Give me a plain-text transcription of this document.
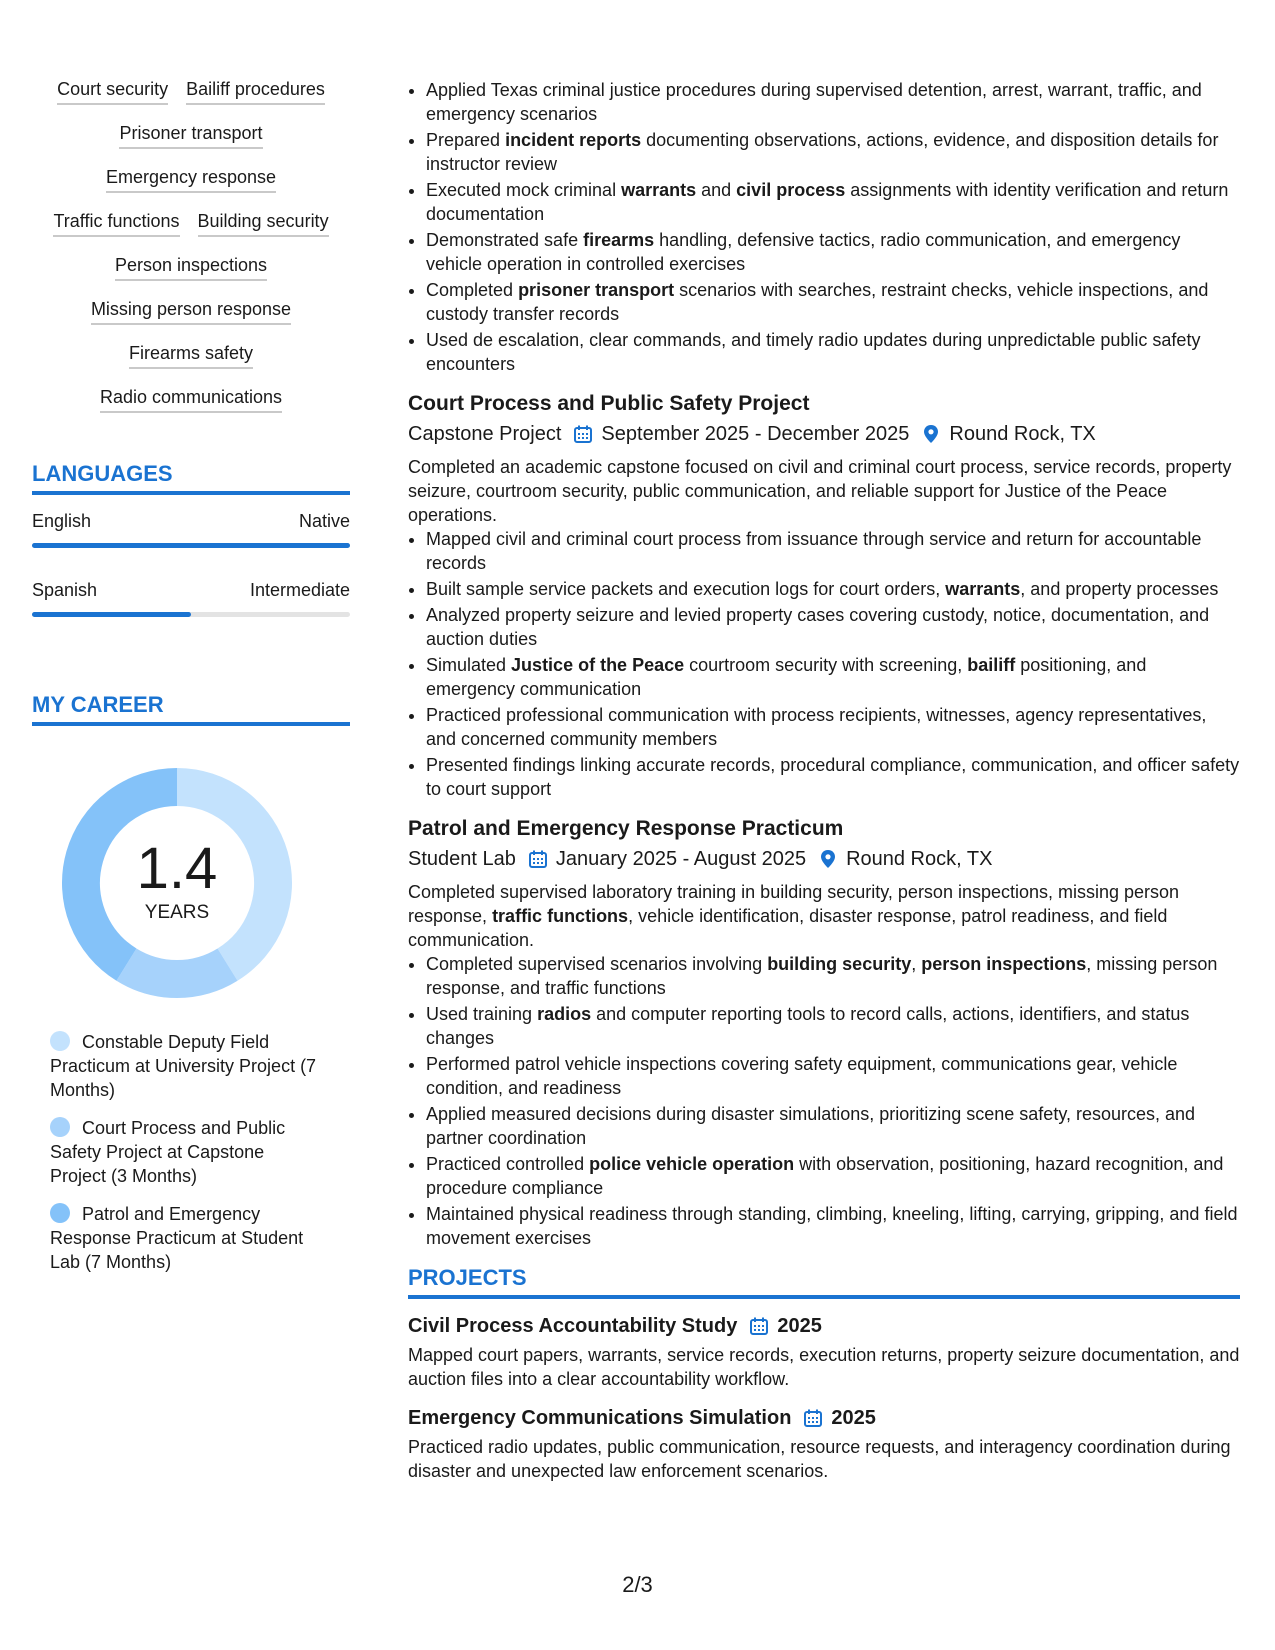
Court security Bailiff procedures
Prisoner transport
Emergency response
Traffic functions Building security
Person inspections
Missing person response
Firearms safety
Radio communications
LANGUAGES
English	Native
Spanish	Intermediate
MY CAREER
1.4
YEARS
Constable Deputy Field Practicum at University Project (7 Months)
Court Process and Public Safety Project at Capstone Project (3 Months)
Patrol and Emergency Response Practicum at Student Lab (7 Months)
• Applied Texas criminal justice procedures during supervised detention, arrest, warrant, traffic, and emergency scenarios
• Prepared incident reports documenting observations, actions, evidence, and disposition details for instructor review
• Executed mock criminal warrants and civil process assignments with identity verification and return documentation
• Demonstrated safe firearms handling, defensive tactics, radio communication, and emergency vehicle operation in controlled exercises
• Completed prisoner transport scenarios with searches, restraint checks, vehicle inspections, and custody transfer records
• Used de escalation, clear commands, and timely radio updates during unpredictable public safety encounters
Court Process and Public Safety Project
Capstone Project September 2025 - December 2025 Round Rock, TX
Completed an academic capstone focused on civil and criminal court process, service records, property seizure, courtroom security, public communication, and reliable support for Justice of the Peace operations.
• Mapped civil and criminal court process from issuance through service and return for accountable records
• Built sample service packets and execution logs for court orders, warrants, and property processes
• Analyzed property seizure and levied property cases covering custody, notice, documentation, and auction duties
• Simulated Justice of the Peace courtroom security with screening, bailiff positioning, and emergency communication
• Practiced professional communication with process recipients, witnesses, agency representatives, and concerned community members
• Presented findings linking accurate records, procedural compliance, communication, and officer safety to court support
Patrol and Emergency Response Practicum
Student Lab January 2025 - August 2025 Round Rock, TX
Completed supervised laboratory training in building security, person inspections, missing person response, traffic functions, vehicle identification, disaster response, patrol readiness, and field communication.
• Completed supervised scenarios involving building security, person inspections, missing person response, and traffic functions
• Used training radios and computer reporting tools to record calls, actions, identifiers, and status changes
• Performed patrol vehicle inspections covering safety equipment, communications gear, vehicle condition, and readiness
• Applied measured decisions during disaster simulations, prioritizing scene safety, resources, and partner coordination
• Practiced controlled police vehicle operation with observation, positioning, hazard recognition, and procedure compliance
• Maintained physical readiness through standing, climbing, kneeling, lifting, carrying, gripping, and field movement exercises
PROJECTS
Civil Process Accountability Study 2025
Mapped court papers, warrants, service records, execution returns, property seizure documentation, and auction files into a clear accountability workflow.
Emergency Communications Simulation 2025
Practiced radio updates, public communication, resource requests, and interagency coordination during disaster and unexpected law enforcement scenarios.
2/3
